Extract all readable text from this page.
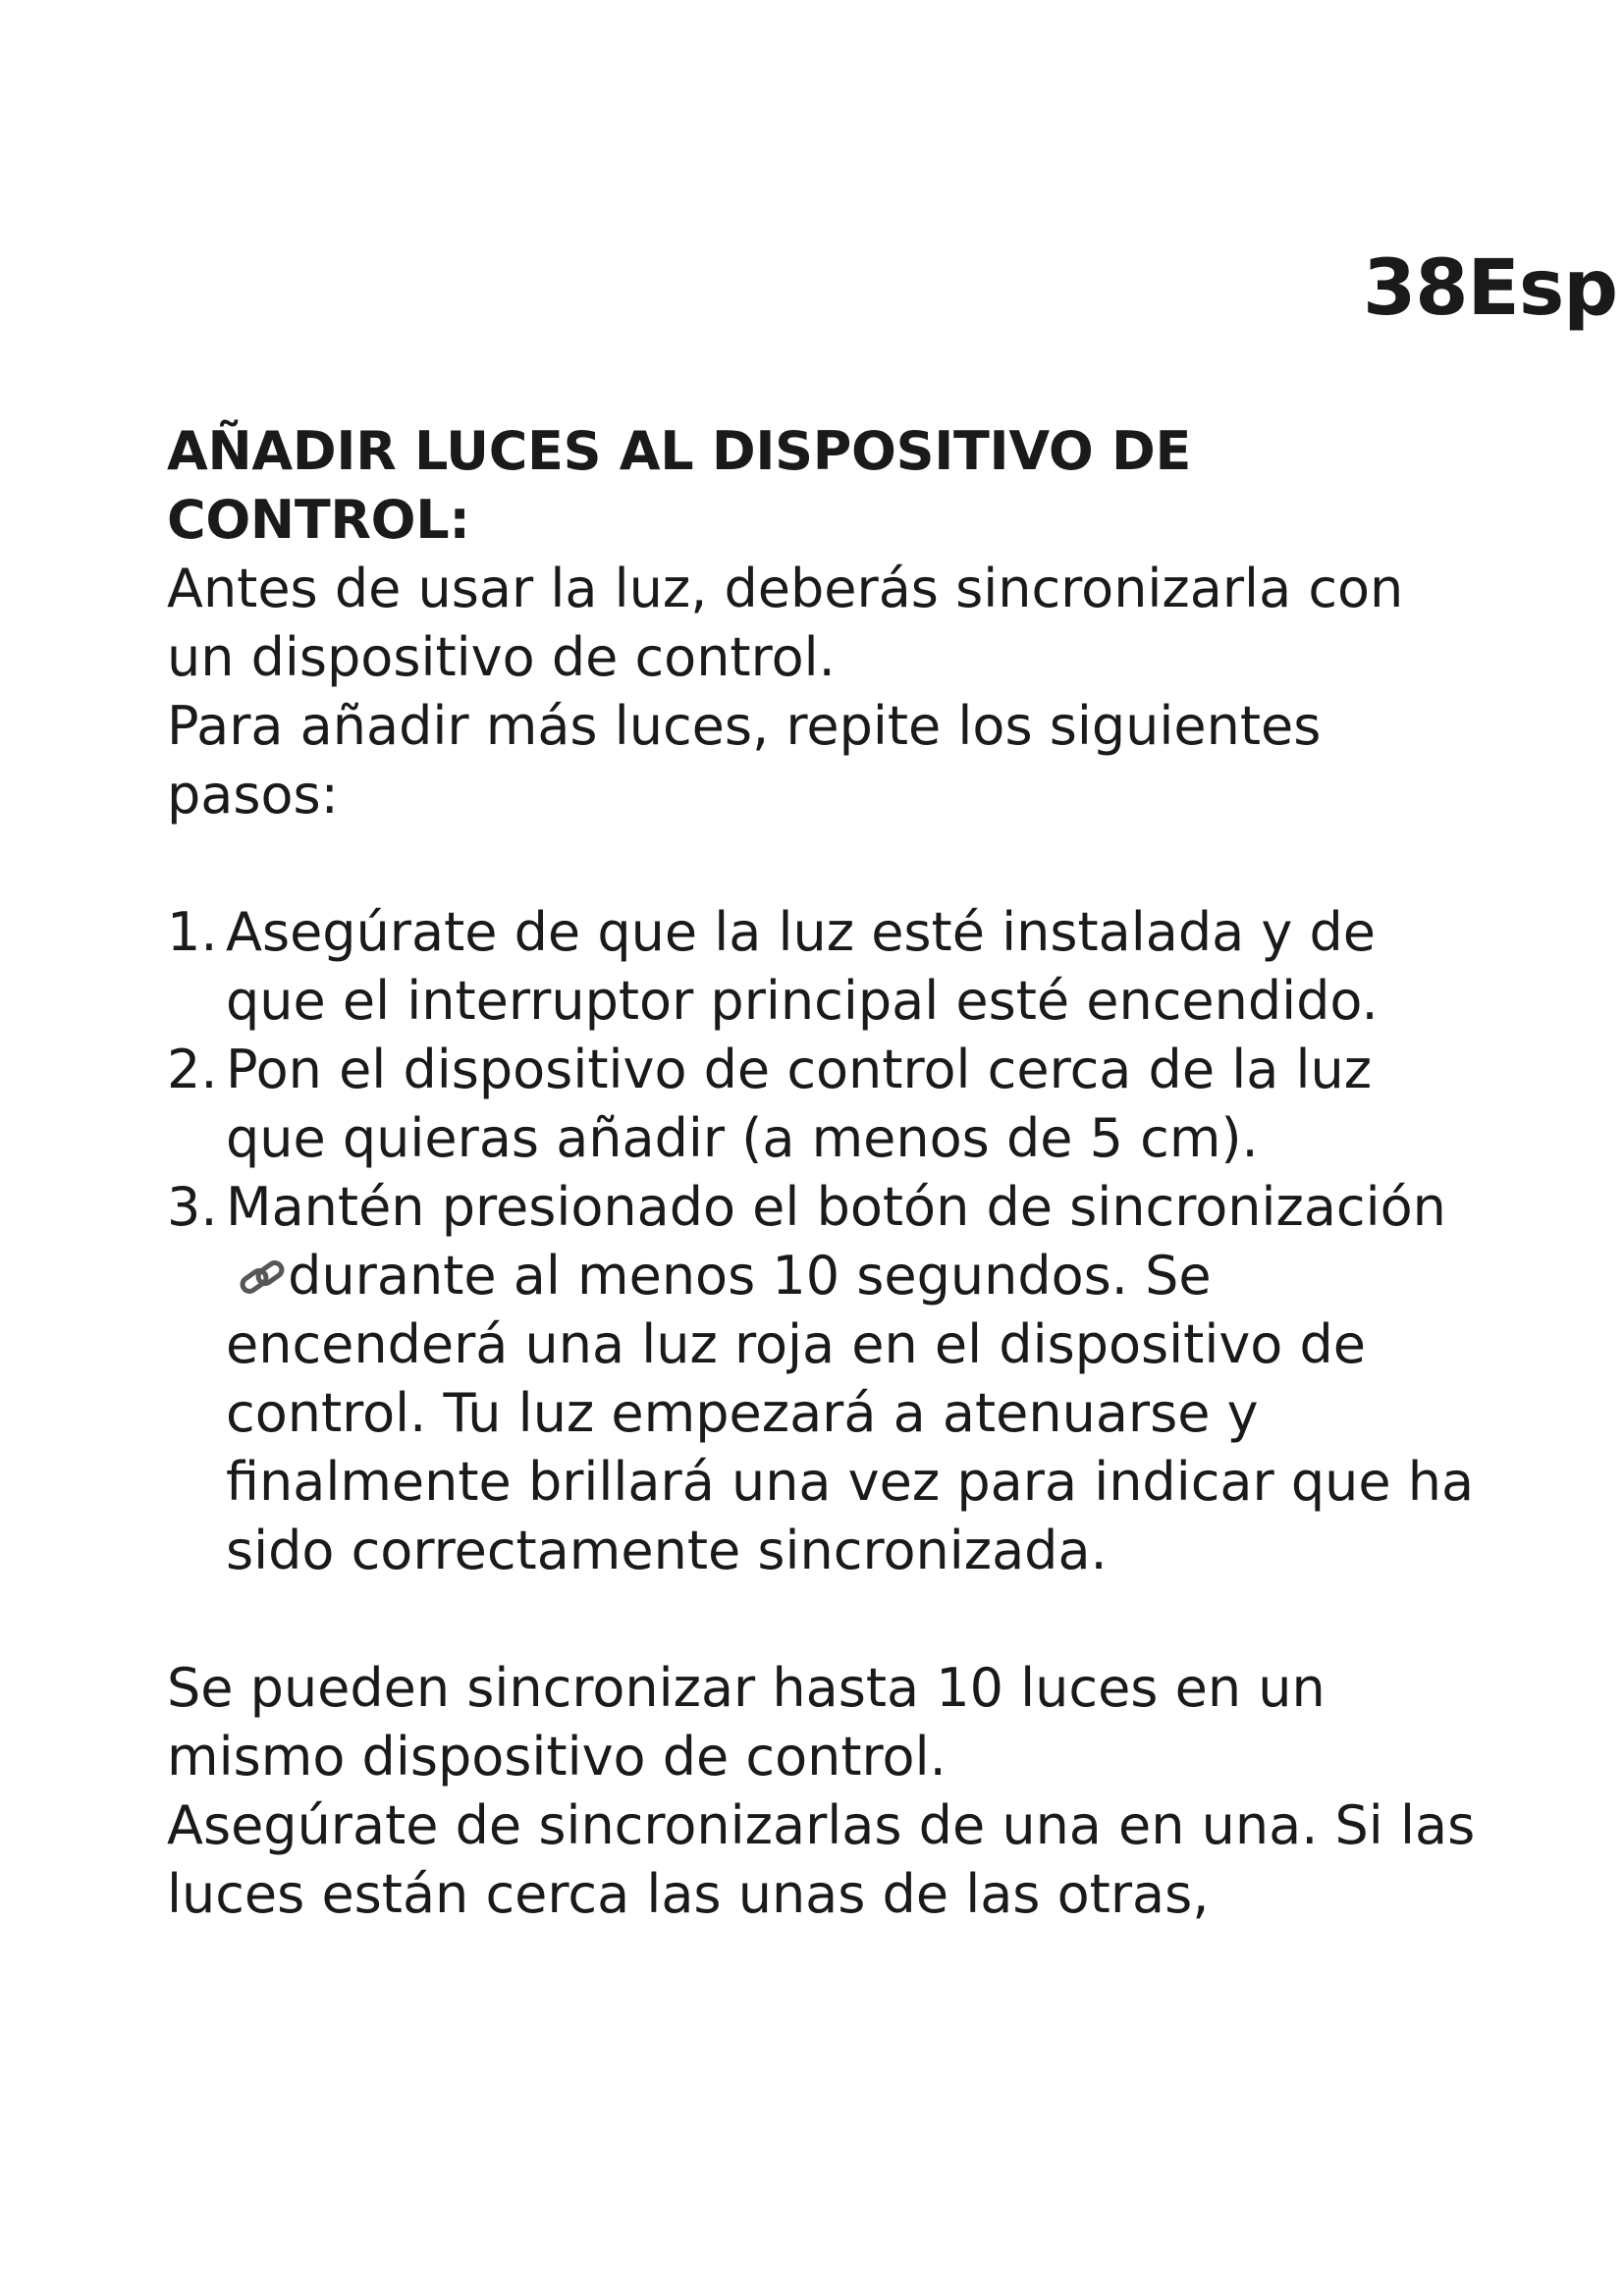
38Esp

AÑADIR LUCES AL DISPOSITIVO DE CONTROL:

Antes de usar la luz, deberás sincronizarla con un dispositivo de control.

Para añadir más luces, repite los siguientes pasos:

1. Asegúrate de que la luz esté instalada y de que el interruptor principal esté encendido.
2. Pon el dispositivo de control cerca de la luz que quieras añadir (a menos de 5 cm).
3. Mantén presionado el botón de sincronización durante al menos 10 segundos. Se encenderá una luz roja en el dispositivo de control. Tu luz empezará a atenuarse y finalmente brillará una vez para indicar que ha sido correctamente sincronizada.

Se pueden sincronizar hasta 10 luces en un mismo dispositivo de control.

Asegúrate de sincronizarlas de una en una. Si las luces están cerca las unas de las otras,
